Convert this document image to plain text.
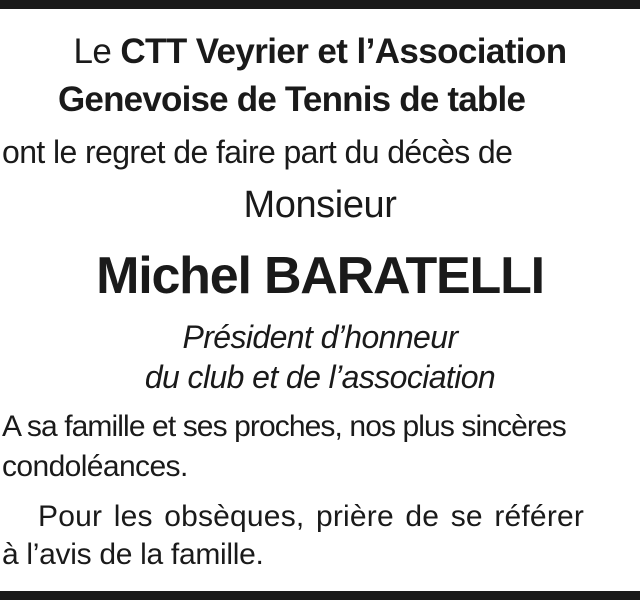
Le CTT Veyrier et l’Association
Genevoise de Tennis de table
ont le regret de faire part du décès de
Monsieur
Michel BARATELLI
Président d’honneur
du club et de l’association
A sa famille et ses proches, nos plus sincères
condoléances.
Pour les obsèques, prière de se référer
à l’avis de la famille.
